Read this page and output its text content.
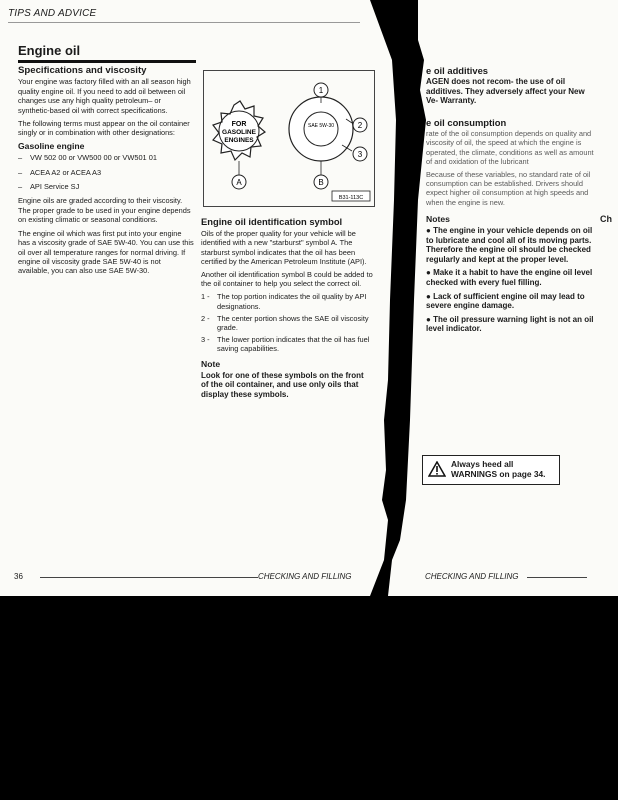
TIPS AND ADVICE
Engine oil
Specifications and viscosity

Your engine was factory filled with an all season high quality engine oil. If you need to add oil between oil changes use any high quality petroleum– or synthetic-based oil with correct specifications.

The following terms must appear on the oil container singly or in combination with other designations:

Gasoline engine
– VW 502 00 or VW500 00 or VW501 01
– ACEA A2 or ACEA A3
– API Service SJ

Engine oils are graded according to their viscosity. The proper grade to be used in your engine depends on existing climatic or seasonal conditions.

The engine oil which was first put into your engine has a viscosity grade of SAE 5W-40. You can use this oil over all temperature ranges for normal driving. If engine oil viscosity grade SAE 5W-40 is not available, you can also use SAE 5W-30.

FOR
GASOLINE
ENGINES
SAE 5W-30
1
2
3
A	B
B31-113C
Engine oil identification symbol

Oils of the proper quality for your vehicle will be identified with a new "starburst" symbol A. The starburst symbol indicates that the oil has been certified by the American Petroleum Institute (API).

Another oil identification symbol B could be added to the oil container to help you select the correct oil.

1 - The top portion indicates the oil quality by API designations.
2 - The center portion shows the SAE oil viscosity grade.
3 - The lower portion indicates that the oil has fuel saving capabilities.
Note
Look for one of these symbols on the front of the oil container, and use only oils that display these symbols.
e oil additives

AGEN does not recom- the use of oil additives. They adversely affect your New Ve- Warranty.

e oil consumption

rate of the oil consumption depends on quality and viscosity of oil, the speed at which the engine is operated, the climate, conditions as well as amount of and oxidation of the lubricant

Because of these variables, no standard rate of oil consumption can be established. Drivers should expect higher oil consumption at high speeds and when the engine is new.

Notes

● The engine in your vehicle depends on oil to lubricate and cool all of its moving parts. Therefore the engine oil should be checked regularly and kept at the proper level.

● Make it a habit to have the engine oil level checked with every fuel filling.

● Lack of sufficient engine oil may lead to severe engine damage.

● The oil pressure warning light is not an oil level indicator.

Always heed all WARNINGS on page 34.
Ch
36	CHECKING AND FILLING	CHECKING AND FILLING
